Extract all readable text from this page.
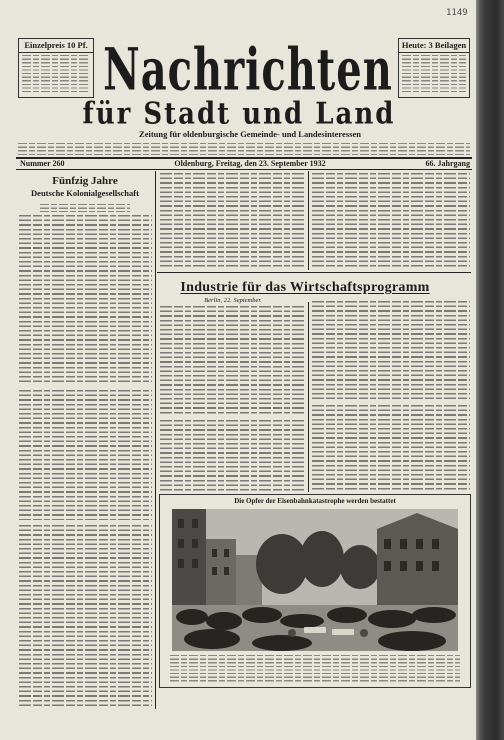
1149
Einzelpreis 10 Pf.	Heute: 3 Beilagen
Nachrichten
für Stadt und Land
Zeitung für oldenburgische Gemeinde- und Landesinteressen
Nummer 260	Oldenburg, Freitag, den 23. September 1932	66. Jahrgang
Fünfzig Jahre
Deutsche Kolonialgesellschaft
Industrie für das Wirtschaftsprogramm
Berlin, 22. September.
Die Opfer der Eisenbahnkatastrophe werden bestattet
